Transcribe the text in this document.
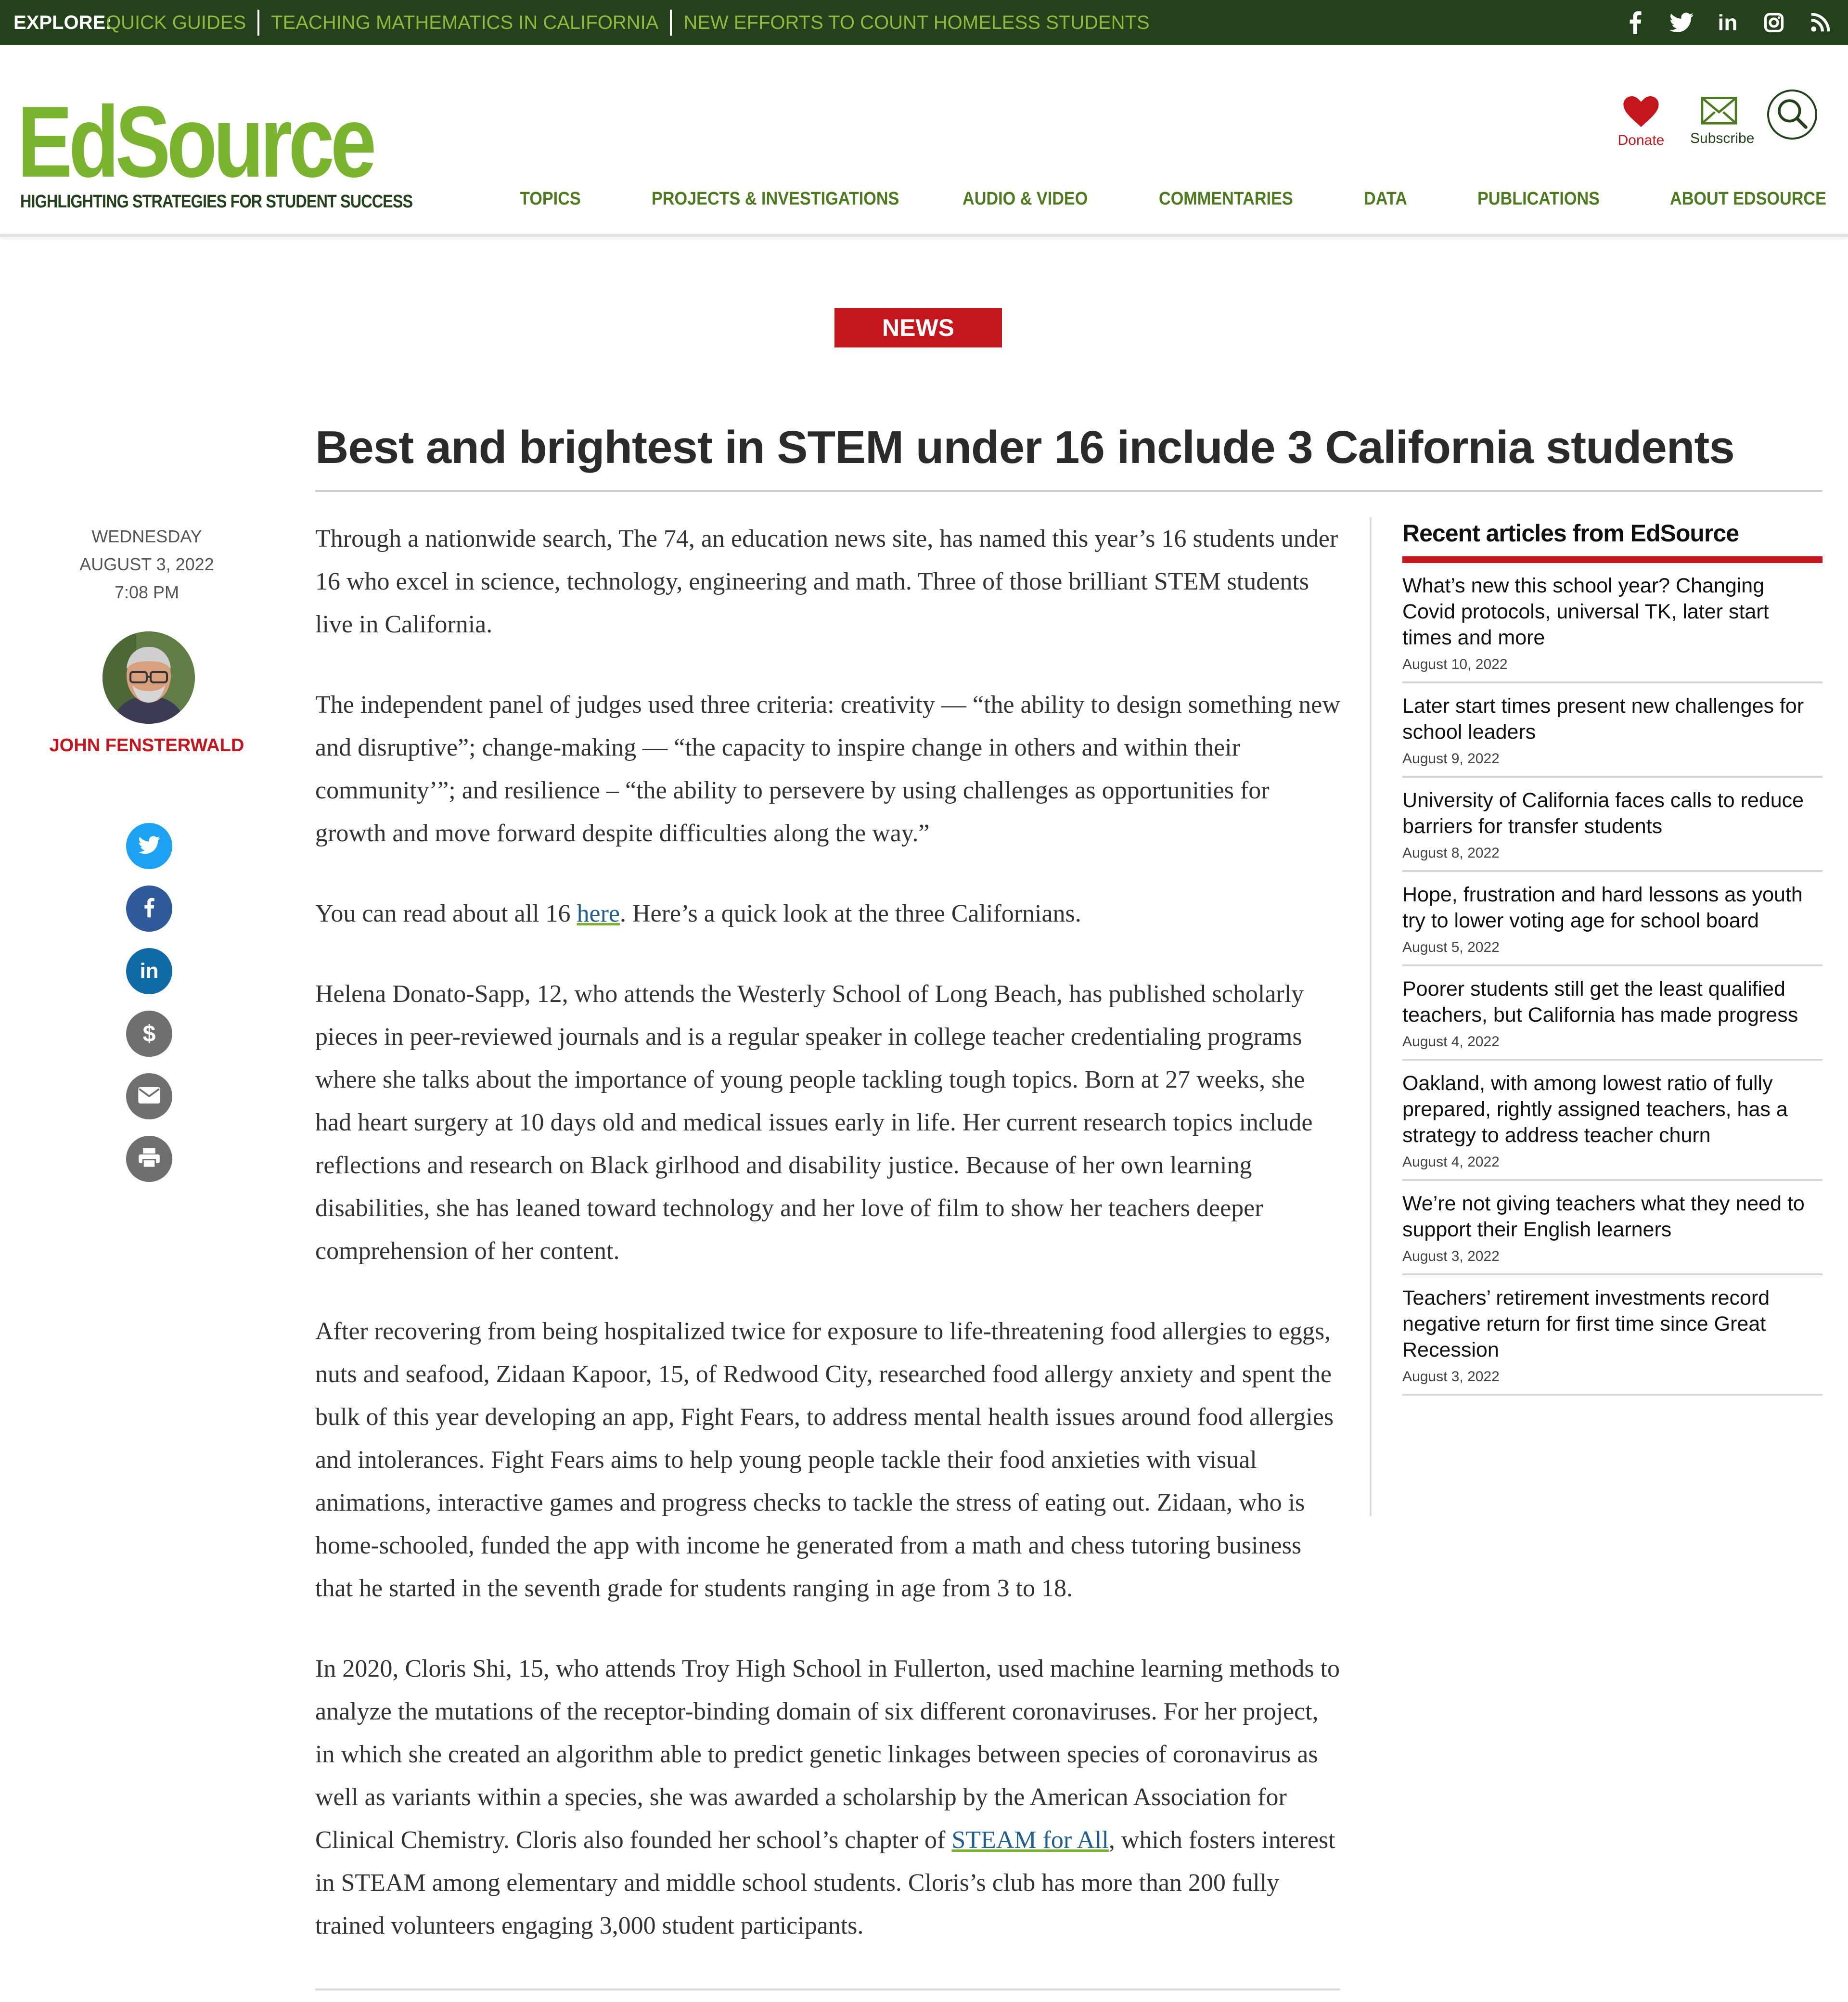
EXPLORE:
QUICK GUIDES TEACHING MATHEMATICS IN CALIFORNIA NEW EFFORTS TO COUNT HOMELESS STUDENTS	in
EdSource
HIGHLIGHTING STRATEGIES FOR STUDENT SUCCESS
Donate	Subscribe
TOPICS	PROJECTS & INVESTIGATIONS	AUDIO & VIDEO	COMMENTARIES	DATA	PUBLICATIONS	ABOUT EDSOURCE
NEWS UPDATE
Best and brightest in STEM under 16 include 3 California students
WEDNESDAY
AUGUST 3, 2022
7:08 PM
JOHN FENSTERWALD
in
$

Through a nationwide search, The 74, an education news site, has named this year’s 16 students under 16 who excel in science, technology, engineering and math. Three of those brilliant STEM students live in California.

The independent panel of judges used three criteria: creativity — “the ability to design something new and disruptive”; change-making — “the capacity to inspire change in others and within their community’”; and resilience – “the ability to persevere by using challenges as opportunities for growth and move forward despite difficulties along the way.”

You can read about all 16 here. Here’s a quick look at the three Californians.

Helena Donato-Sapp, 12, who attends the Westerly School of Long Beach, has published scholarly pieces in peer-reviewed journals and is a regular speaker in college teacher credentialing programs where she talks about the importance of young people tackling tough topics. Born at 27 weeks, she had heart surgery at 10 days old and medical issues early in life. Her current research topics include reflections and research on Black girlhood and disability justice. Because of her own learning disabilities, she has leaned toward technology and her love of film to show her teachers deeper comprehension of her content.

After recovering from being hospitalized twice for exposure to life-threatening food allergies to eggs, nuts and seafood, Zidaan Kapoor, 15, of Redwood City, researched food allergy anxiety and spent the bulk of this year developing an app, Fight Fears, to address mental health issues around food allergies and intolerances. Fight Fears aims to help young people tackle their food anxieties with visual animations, interactive games and progress checks to tackle the stress of eating out. Zidaan, who is home-schooled, funded the app with income he generated from a math and chess tutoring business that he started in the seventh grade for students ranging in age from 3 to 18.

In 2020, Cloris Shi, 15, who attends Troy High School in Fullerton, used machine learning methods to analyze the mutations of the receptor-binding domain of six different coronaviruses. For her project, in which she created an algorithm able to predict genetic linkages between species of coronavirus as well as variants within a species, she was awarded a scholarship by the American Association for Clinical Chemistry. Cloris also founded her school’s chapter of STEAM for All, which fosters interest in STEAM among elementary and middle school students. Cloris’s club has more than 200 fully trained volunteers engaging 3,000 student participants.

Recent articles from EdSource
What’s new this school year? Changing Covid protocols, universal TK, later start times and more
August 10, 2022
Later start times present new challenges for school leaders
August 9, 2022
University of California faces calls to reduce barriers for transfer students
August 8, 2022
Hope, frustration and hard lessons as youth try to lower voting age for school board
August 5, 2022
Poorer students still get the least qualified teachers, but California has made progress
August 4, 2022
Oakland, with among lowest ratio of fully prepared, rightly assigned teachers, has a strategy to address teacher churn
August 4, 2022
We’re not giving teachers what they need to support their English learners
August 3, 2022
Teachers’ retirement investments record negative return for first time since Great Recession
August 3, 2022
